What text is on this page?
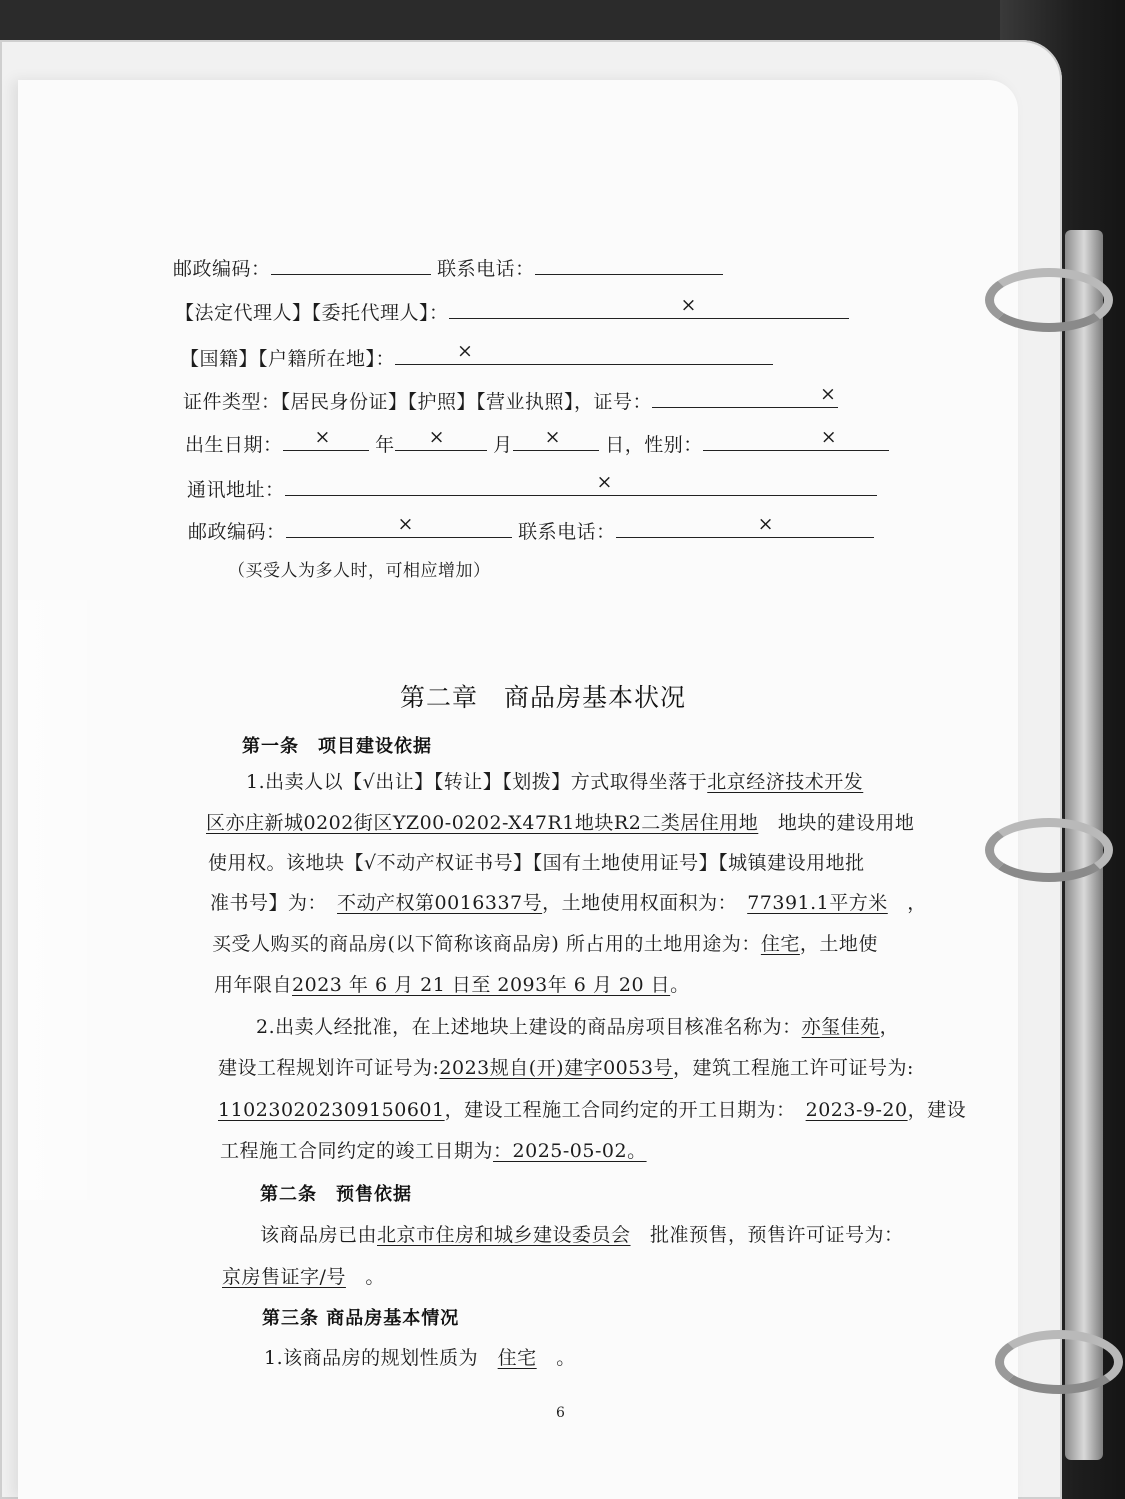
邮政编码：	联系电话：
【法定代理人】【委托代理人】：	×
【国籍】【户籍所在地】：	×
证件类型：【居民身份证】【护照】【营业执照】，证号：	×
出生日期： × 年 ×	月 × 日，性别：	×
通讯地址：	×
邮政编码：	×	联系电话：	×
（买受人为多人时，可相应增加）
第二章　商品房基本状况
第一条　项目建设依据
1.出卖人以【√出让】【转让】【划拨】方式取得坐落于北京经济技术开发
区亦庄新城0202街区YZ00-0202-X47R1地块R2二类居住用地　 地块的建设用地
使用权。该地块【√不动产权证书号】【国有土地使用证号】【城镇建设用地批
准书号】为：　 不动产权第0016337号，土地使用权面积为：　 77391.1平方米　 ，
买受人购买的商品房(以下简称该商品房) 所占用的土地用途为：住宅，土地使
用年限自2023 年 6 月 21 日至 2093年 6 月 20 日。
2.出卖人经批准，在上述地块上建设的商品房项目核准名称为：亦玺佳苑，
建设工程规划许可证号为:2023规自(开)建字0053号，建筑工程施工许可证号为:
110230202309150601，建设工程施工合同约定的开工日期为：　 2023-9-20，建设
工程施工合同约定的竣工日期为：2025-05-02。
第二条　预售依据
该商品房已由北京市住房和城乡建设委员会　 批准预售，预售许可证号为：
京房售证字/号　 。
第三条 商品房基本情况
1.该商品房的规划性质为　 住宅　 。
6
